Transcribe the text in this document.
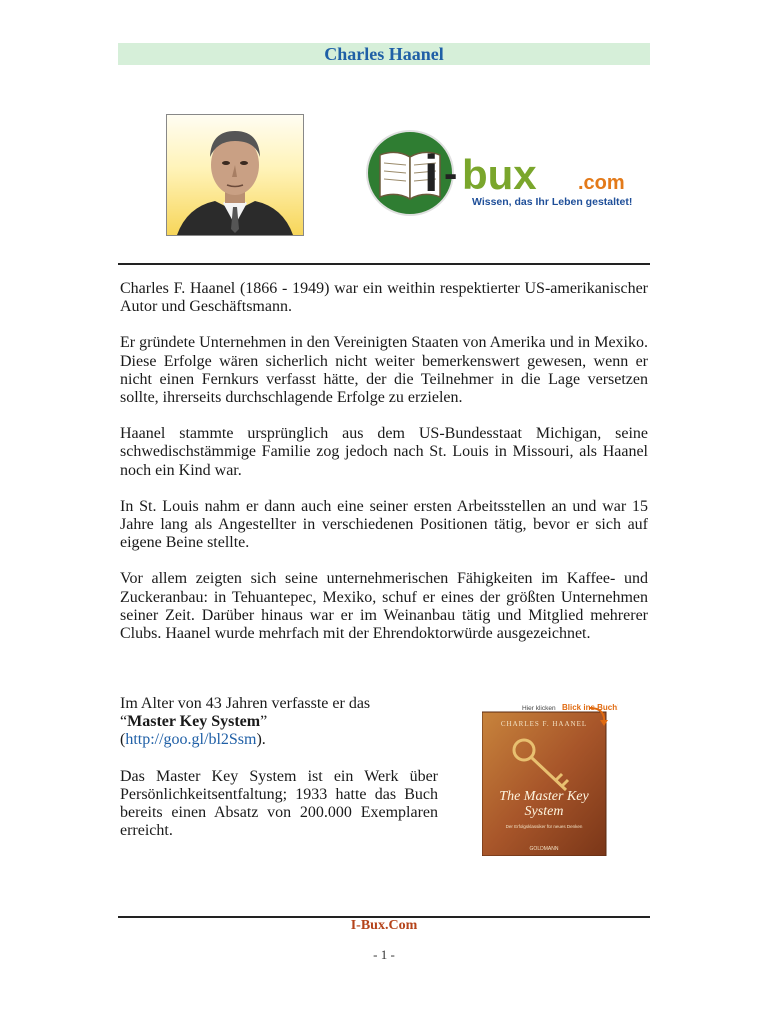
Charles Haanel
i - bux .com
Wissen, das Ihr Leben gestaltet!

Charles F. Haanel (1866 - 1949) war ein weithin respektierter US-amerikanischer Autor und Geschäftsmann.

Er gründete Unternehmen in den Vereinigten Staaten von Amerika und in Mexiko. Diese Erfolge wären sicherlich nicht weiter bemerkenswert gewesen, wenn er nicht einen Fernkurs verfasst hätte, der die Teilnehmer in die Lage versetzen sollte, ihrerseits durchschlagende Erfolge zu erzielen.

Haanel stammte ursprünglich aus dem US-Bundesstaat Michigan, seine schwedischstämmige Familie zog jedoch nach St. Louis in Missouri, als Haanel noch ein Kind war.

In St. Louis nahm er dann auch eine seiner ersten Arbeitsstellen an und war 15 Jahre lang als Angestellter in verschiedenen Positionen tätig, bevor er sich auf eigene Beine stellte.

Vor allem zeigten sich seine unternehmerischen Fähigkeiten im Kaffee- und Zuckeranbau: in Tehuantepec, Mexiko, schuf er eines der größten Unternehmen seiner Zeit. Darüber hinaus war er im Weinanbau tätig und Mitglied mehrerer Clubs. Haanel wurde mehrfach mit der Ehrendoktorwürde ausgezeichnet.

Im Alter von 43 Jahren verfasste er das
“Master Key System”
(http://goo.gl/bl2Ssm).

Das Master Key System ist ein Werk über Persönlichkeitsentfaltung; 1933 hatte das Buch bereits einen Absatz von 200.000 Exemplaren erreicht.

Hier klicken Blick ins Buch!
CHARLES F. HAANEL
The Master Key
System
Der Erfolgsklassiker für neues Denken
GOLDMANN
I-Bux.Com
- 1 -
